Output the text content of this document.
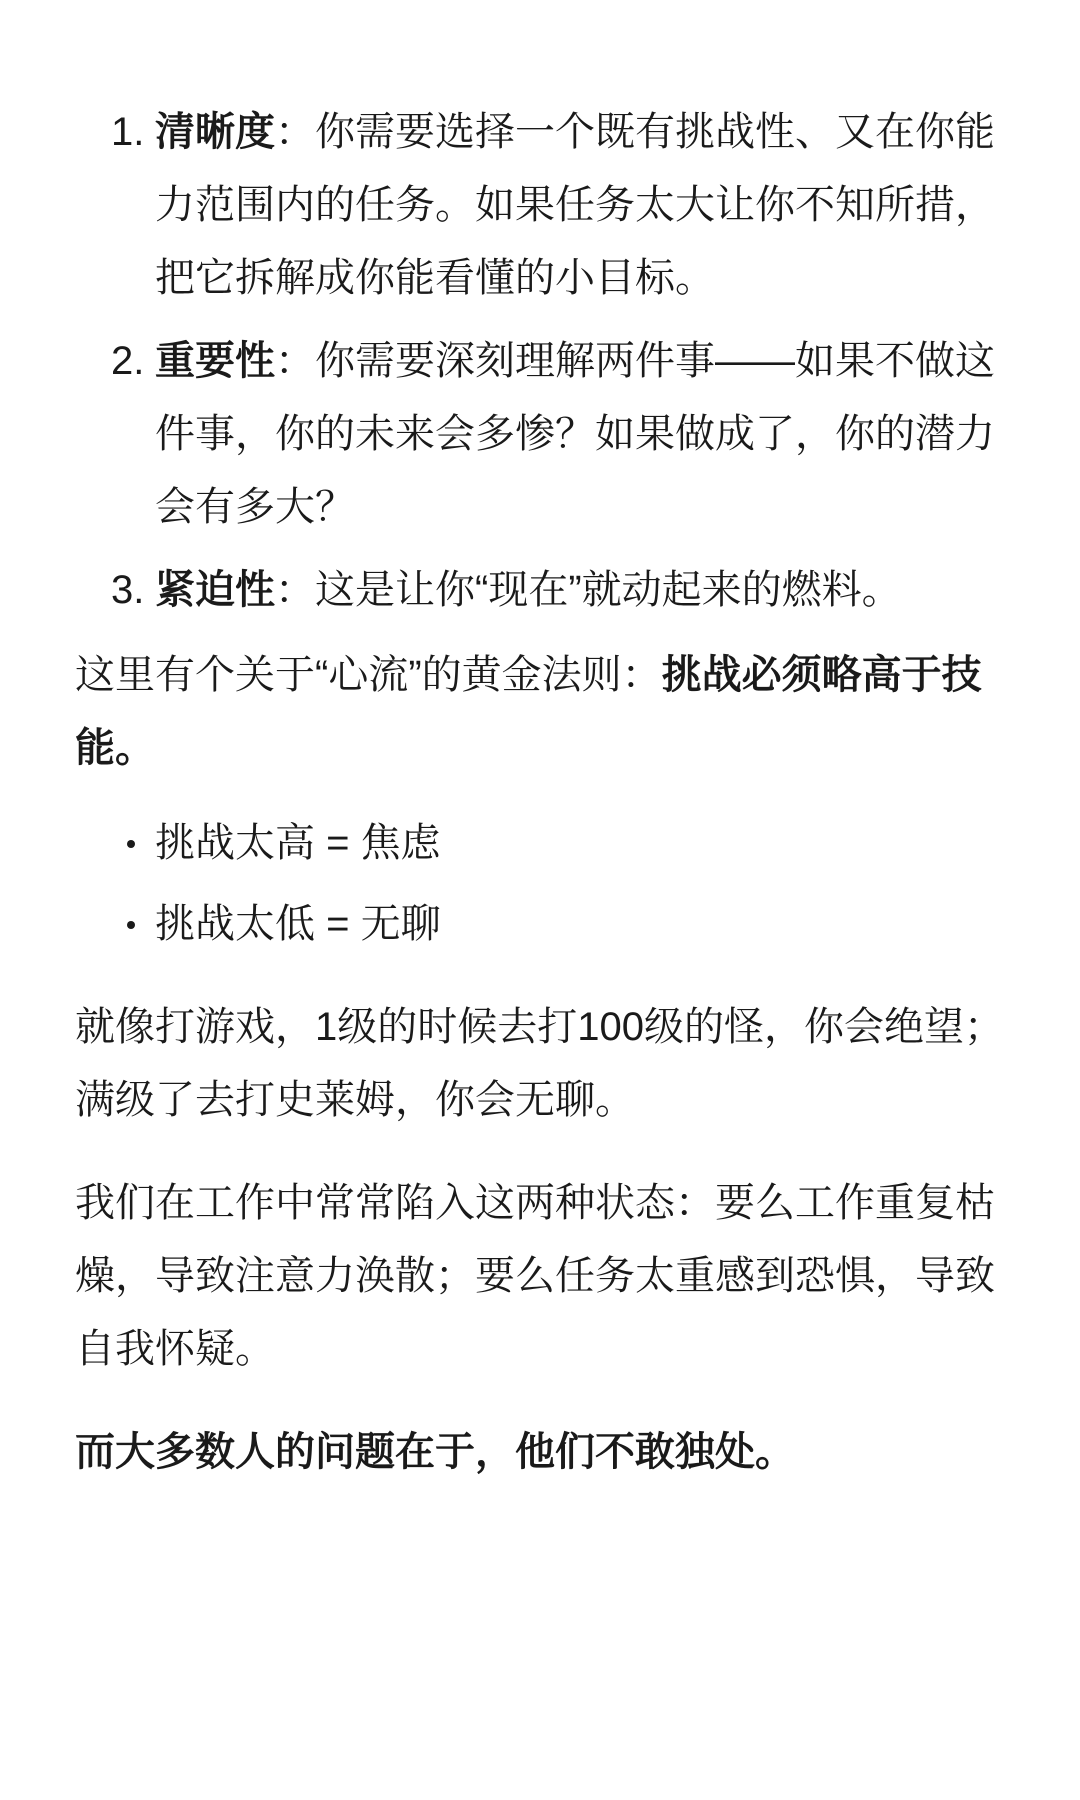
1. 清晰度：你需要选择一个既有挑战性、又在你能力范围内的任务。如果任务太大让你不知所措，把它拆解成你能看懂的小目标。
2. 重要性：你需要深刻理解两件事——如果不做这件事，你的未来会多惨？如果做成了，你的潜力会有多大？
3. 紧迫性：这是让你“现在”就动起来的燃料。

这里有个关于“心流”的黄金法则：挑战必须略高于技能。

挑战太高 = 焦虑
挑战太低 = 无聊

就像打游戏，1级的时候去打100级的怪，你会绝望；满级了去打史莱姆，你会无聊。

我们在工作中常常陷入这两种状态：要么工作重复枯燥，导致注意力涣散；要么任务太重感到恐惧，导致自我怀疑。

而大多数人的问题在于，他们不敢独处。
